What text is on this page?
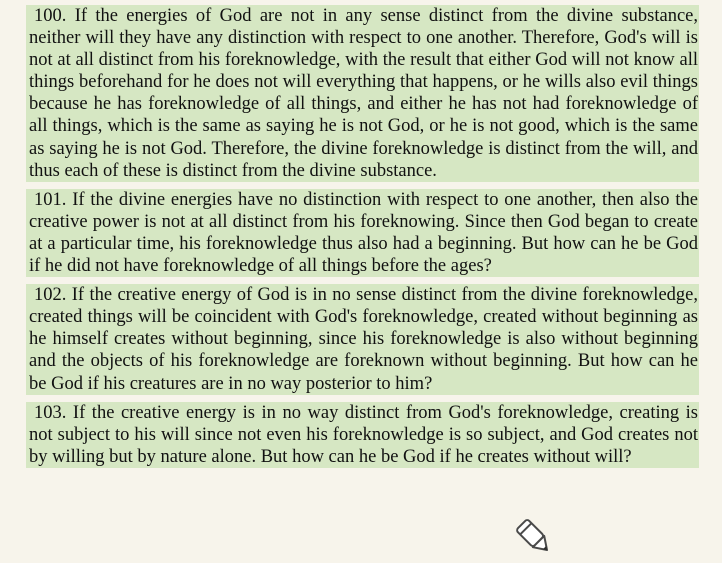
100. If the energies of God are not in any sense distinct from the divine substance, neither will they have any distinction with respect to one another. Therefore, God's will is not at all distinct from his foreknowledge, with the result that either God will not know all things beforehand for he does not will everything that happens, or he wills also evil things because he has foreknowledge of all things, and either he has not had foreknowledge of all things, which is the same as saying he is not God, or he is not good, which is the same as saying he is not God. Therefore, the divine foreknowledge is distinct from the will, and thus each of these is distinct from the divine substance.

101. If the divine energies have no distinction with respect to one another, then also the creative power is not at all distinct from his foreknowing. Since then God began to create at a particular time, his foreknowledge thus also had a beginning. But how can he be God if he did not have foreknowledge of all things before the ages?

102. If the creative energy of God is in no sense distinct from the divine foreknowledge, created things will be coincident with God's foreknowledge, created without beginning as he himself creates without beginning, since his foreknowledge is also without beginning and the objects of his foreknowledge are foreknown without beginning. But how can he be God if his creatures are in no way posterior to him?

103. If the creative energy is in no way distinct from God's foreknowledge, creating is not subject to his will since not even his foreknowledge is so subject, and God creates not by willing but by nature alone. But how can he be God if he creates without will?
